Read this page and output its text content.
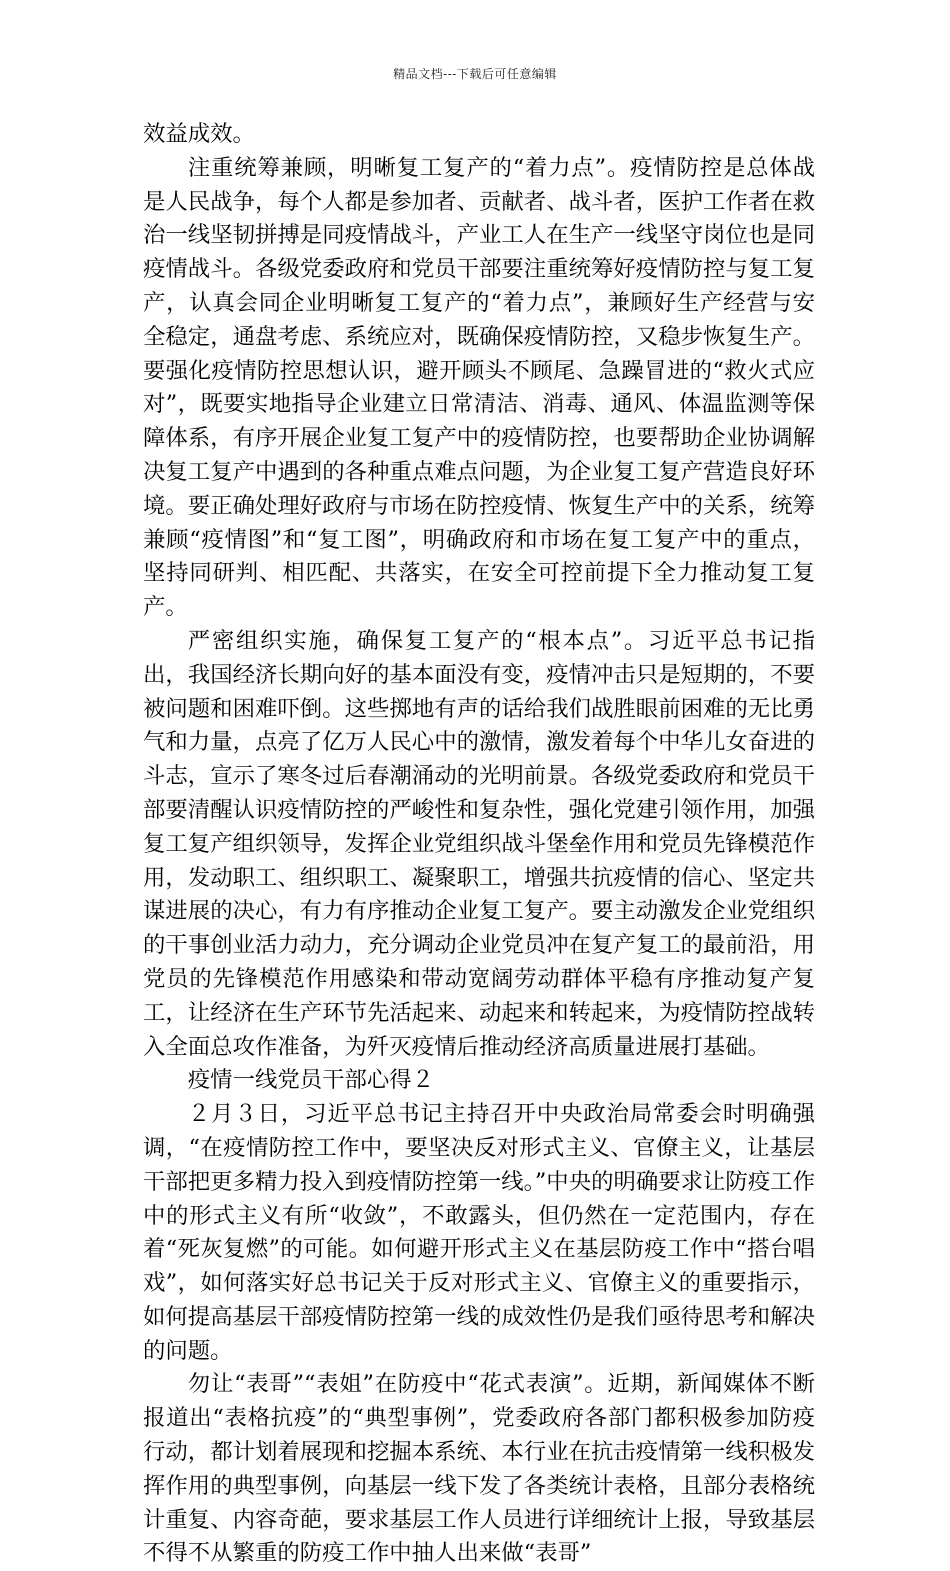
精品文档---下载后可任意编辑

效益成效。

注重统筹兼顾，明晰复工复产的“着力点”。疫情防控是总体战是人民战争，每个人都是参加者、贡献者、战斗者，医护工作者在救治一线坚韧拼搏是同疫情战斗，产业工人在生产一线坚守岗位也是同疫情战斗。各级党委政府和党员干部要注重统筹好疫情防控与复工复产，认真会同企业明晰复工复产的“着力点”，兼顾好生产经营与安全稳定，通盘考虑、系统应对，既确保疫情防控，又稳步恢复生产。要强化疫情防控思想认识，避开顾头不顾尾、急躁冒进的“救火式应对”，既要实地指导企业建立日常清洁、消毒、通风、体温监测等保障体系，有序开展企业复工复产中的疫情防控，也要帮助企业协调解决复工复产中遇到的各种重点难点问题，为企业复工复产营造良好环境。要正确处理好政府与市场在防控疫情、恢复生产中的关系，统筹兼顾“疫情图”和“复工图”，明确政府和市场在复工复产中的重点，坚持同研判、相匹配、共落实，在安全可控前提下全力推动复工复产。

严密组织实施，确保复工复产的“根本点”。习近平总书记指出，我国经济长期向好的基本面没有变，疫情冲击只是短期的，不要被问题和困难吓倒。这些掷地有声的话给我们战胜眼前困难的无比勇气和力量，点亮了亿万人民心中的激情，激发着每个中华儿女奋进的斗志，宣示了寒冬过后春潮涌动的光明前景。各级党委政府和党员干部要清醒认识疫情防控的严峻性和复杂性，强化党建引领作用，加强复工复产组织领导，发挥企业党组织战斗堡垒作用和党员先锋模范作用，发动职工、组织职工、凝聚职工，增强共抗疫情的信心、坚定共谋进展的决心，有力有序推动企业复工复产。要主动激发企业党组织的干事创业活力动力，充分调动企业党员冲在复产复工的最前沿，用党员的先锋模范作用感染和带动宽阔劳动群体平稳有序推动复产复工，让经济在生产环节先活起来、动起来和转起来，为疫情防控战转入全面总攻作准备，为歼灭疫情后推动经济高质量进展打基础。

疫情一线党员干部心得２

２月３日，习近平总书记主持召开中央政治局常委会时明确强调，“在疫情防控工作中，要坚决反对形式主义、官僚主义，让基层干部把更多精力投入到疫情防控第一线。”中央的明确要求让防疫工作中的形式主义有所“收敛”，不敢露头，但仍然在一定范围内，存在着“死灰复燃”的可能。如何避开形式主义在基层防疫工作中“搭台唱戏”，如何落实好总书记关于反对形式主义、官僚主义的重要指示，如何提高基层干部疫情防控第一线的成效性仍是我们亟待思考和解决的问题。

勿让“表哥”“表姐”在防疫中“花式表演”。近期，新闻媒体不断报道出“表格抗疫”的“典型事例”，党委政府各部门都积极参加防疫行动，都计划着展现和挖掘本系统、本行业在抗击疫情第一线积极发挥作用的典型事例，向基层一线下发了各类统计表格，且部分表格统计重复、内容奇葩，要求基层工作人员进行详细统计上报，导致基层不得不从繁重的防疫工作中抽人出来做“表哥”
